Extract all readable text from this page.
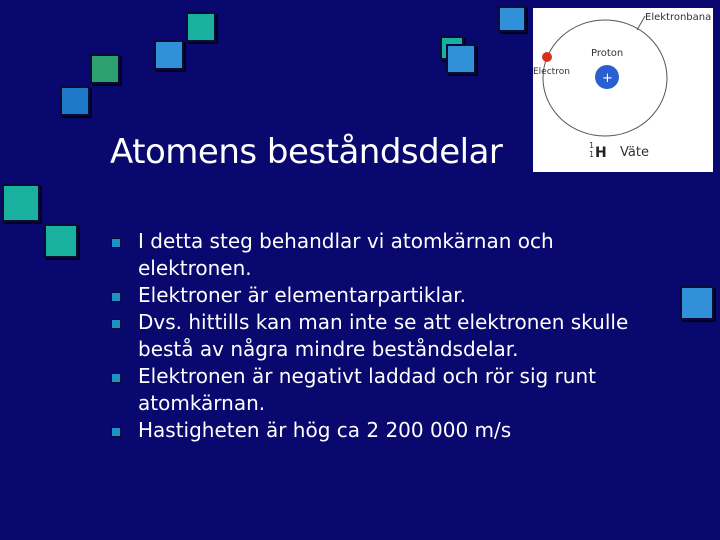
Atomens beståndsdelar
I detta steg behandlar vi atomkärnan och elektronen.
Elektroner är elementarpartiklar.
Dvs. hittills kan man inte se att elektronen skulle bestå av några mindre beståndsdelar.
Elektronen är negativt laddad och rör sig runt atomkärnan.
Hastigheten är hög ca 2 200 000 m/s
Elektronbana
Electron
Proton
+
1
1 H Väte
